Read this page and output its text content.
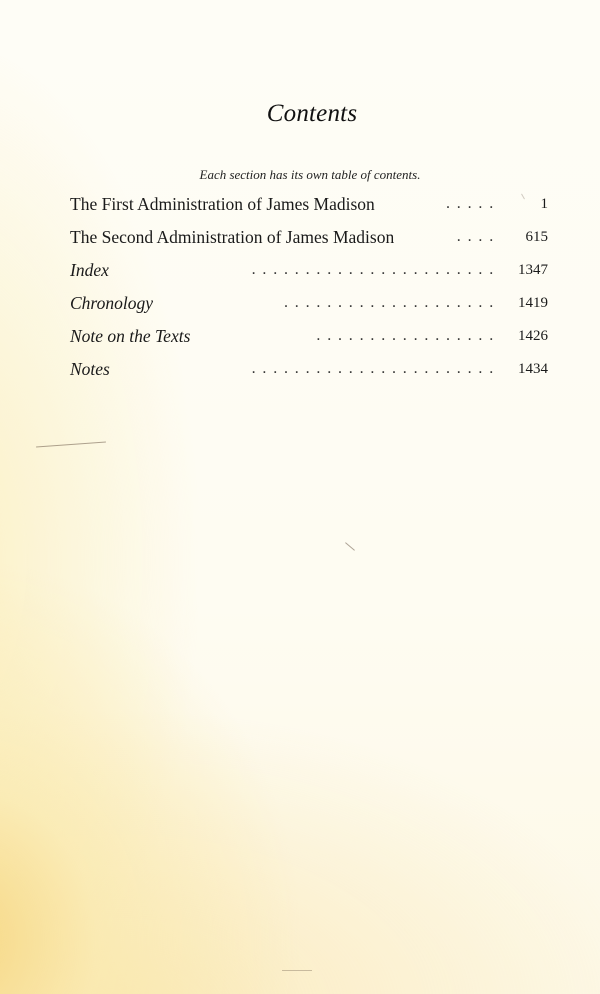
Contents
Each section has its own table of contents.
The First Administration of James Madison	.....	1
The Second Administration of James Madison	....	615
Index	.......................	1347
Chronology	....................	1419
Note on the Texts	.................	1426
Notes	.......................	1434
